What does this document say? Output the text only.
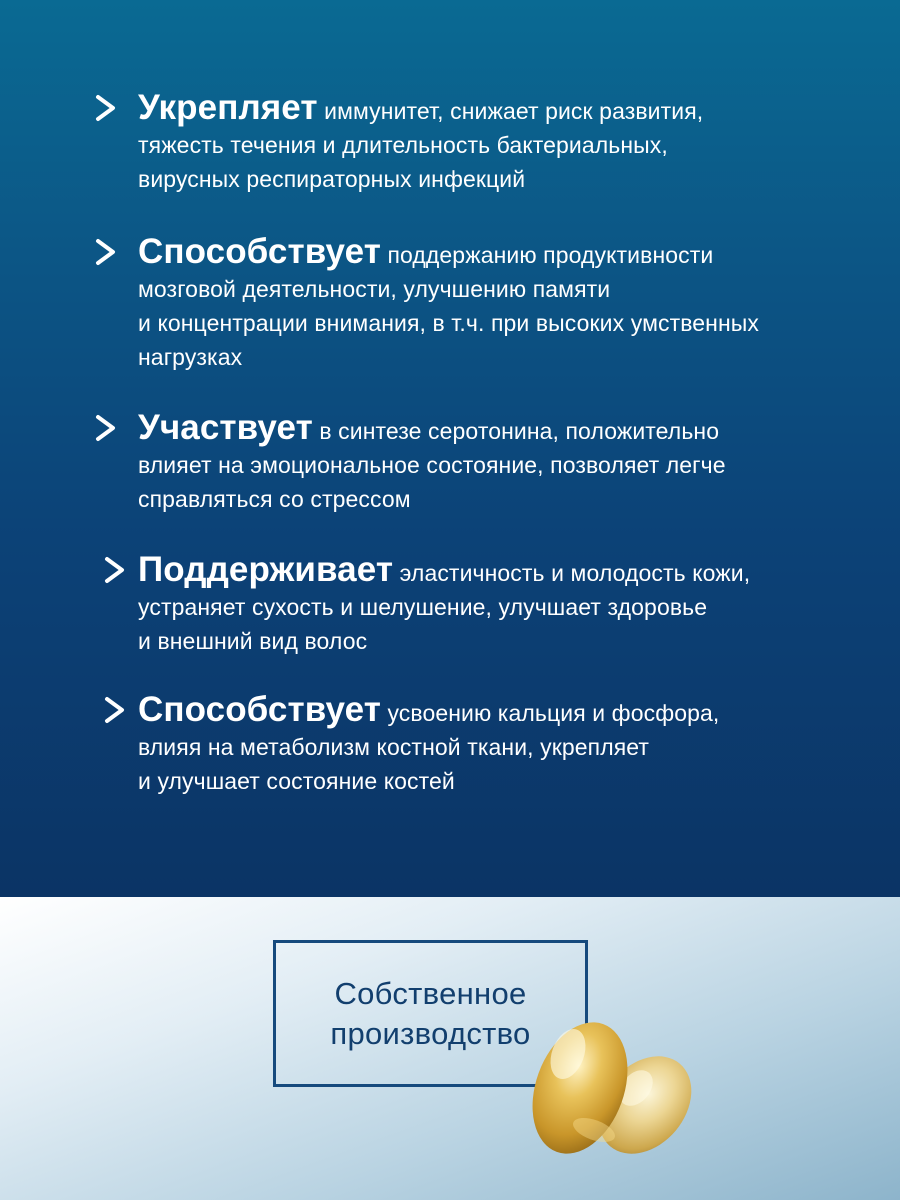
Укрепляет иммунитет, снижает риск развития,
тяжесть течения и длительность бактериальных,
вирусных респираторных инфекций
Способствует поддержанию продуктивности
мозговой деятельности, улучшению памяти
и концентрации внимания, в т.ч. при высоких умственных
нагрузках
Участвует в синтезе серотонина, положительно
влияет на эмоциональное состояние, позволяет легче
справляться со стрессом
Поддерживает эластичность и молодость кожи,
устраняет сухость и шелушение, улучшает здоровье
и внешний вид волос
Способствует усвоению кальция и фосфора,
влияя на метаболизм костной ткани, укрепляет
и улучшает состояние костей
Собственное
производство
